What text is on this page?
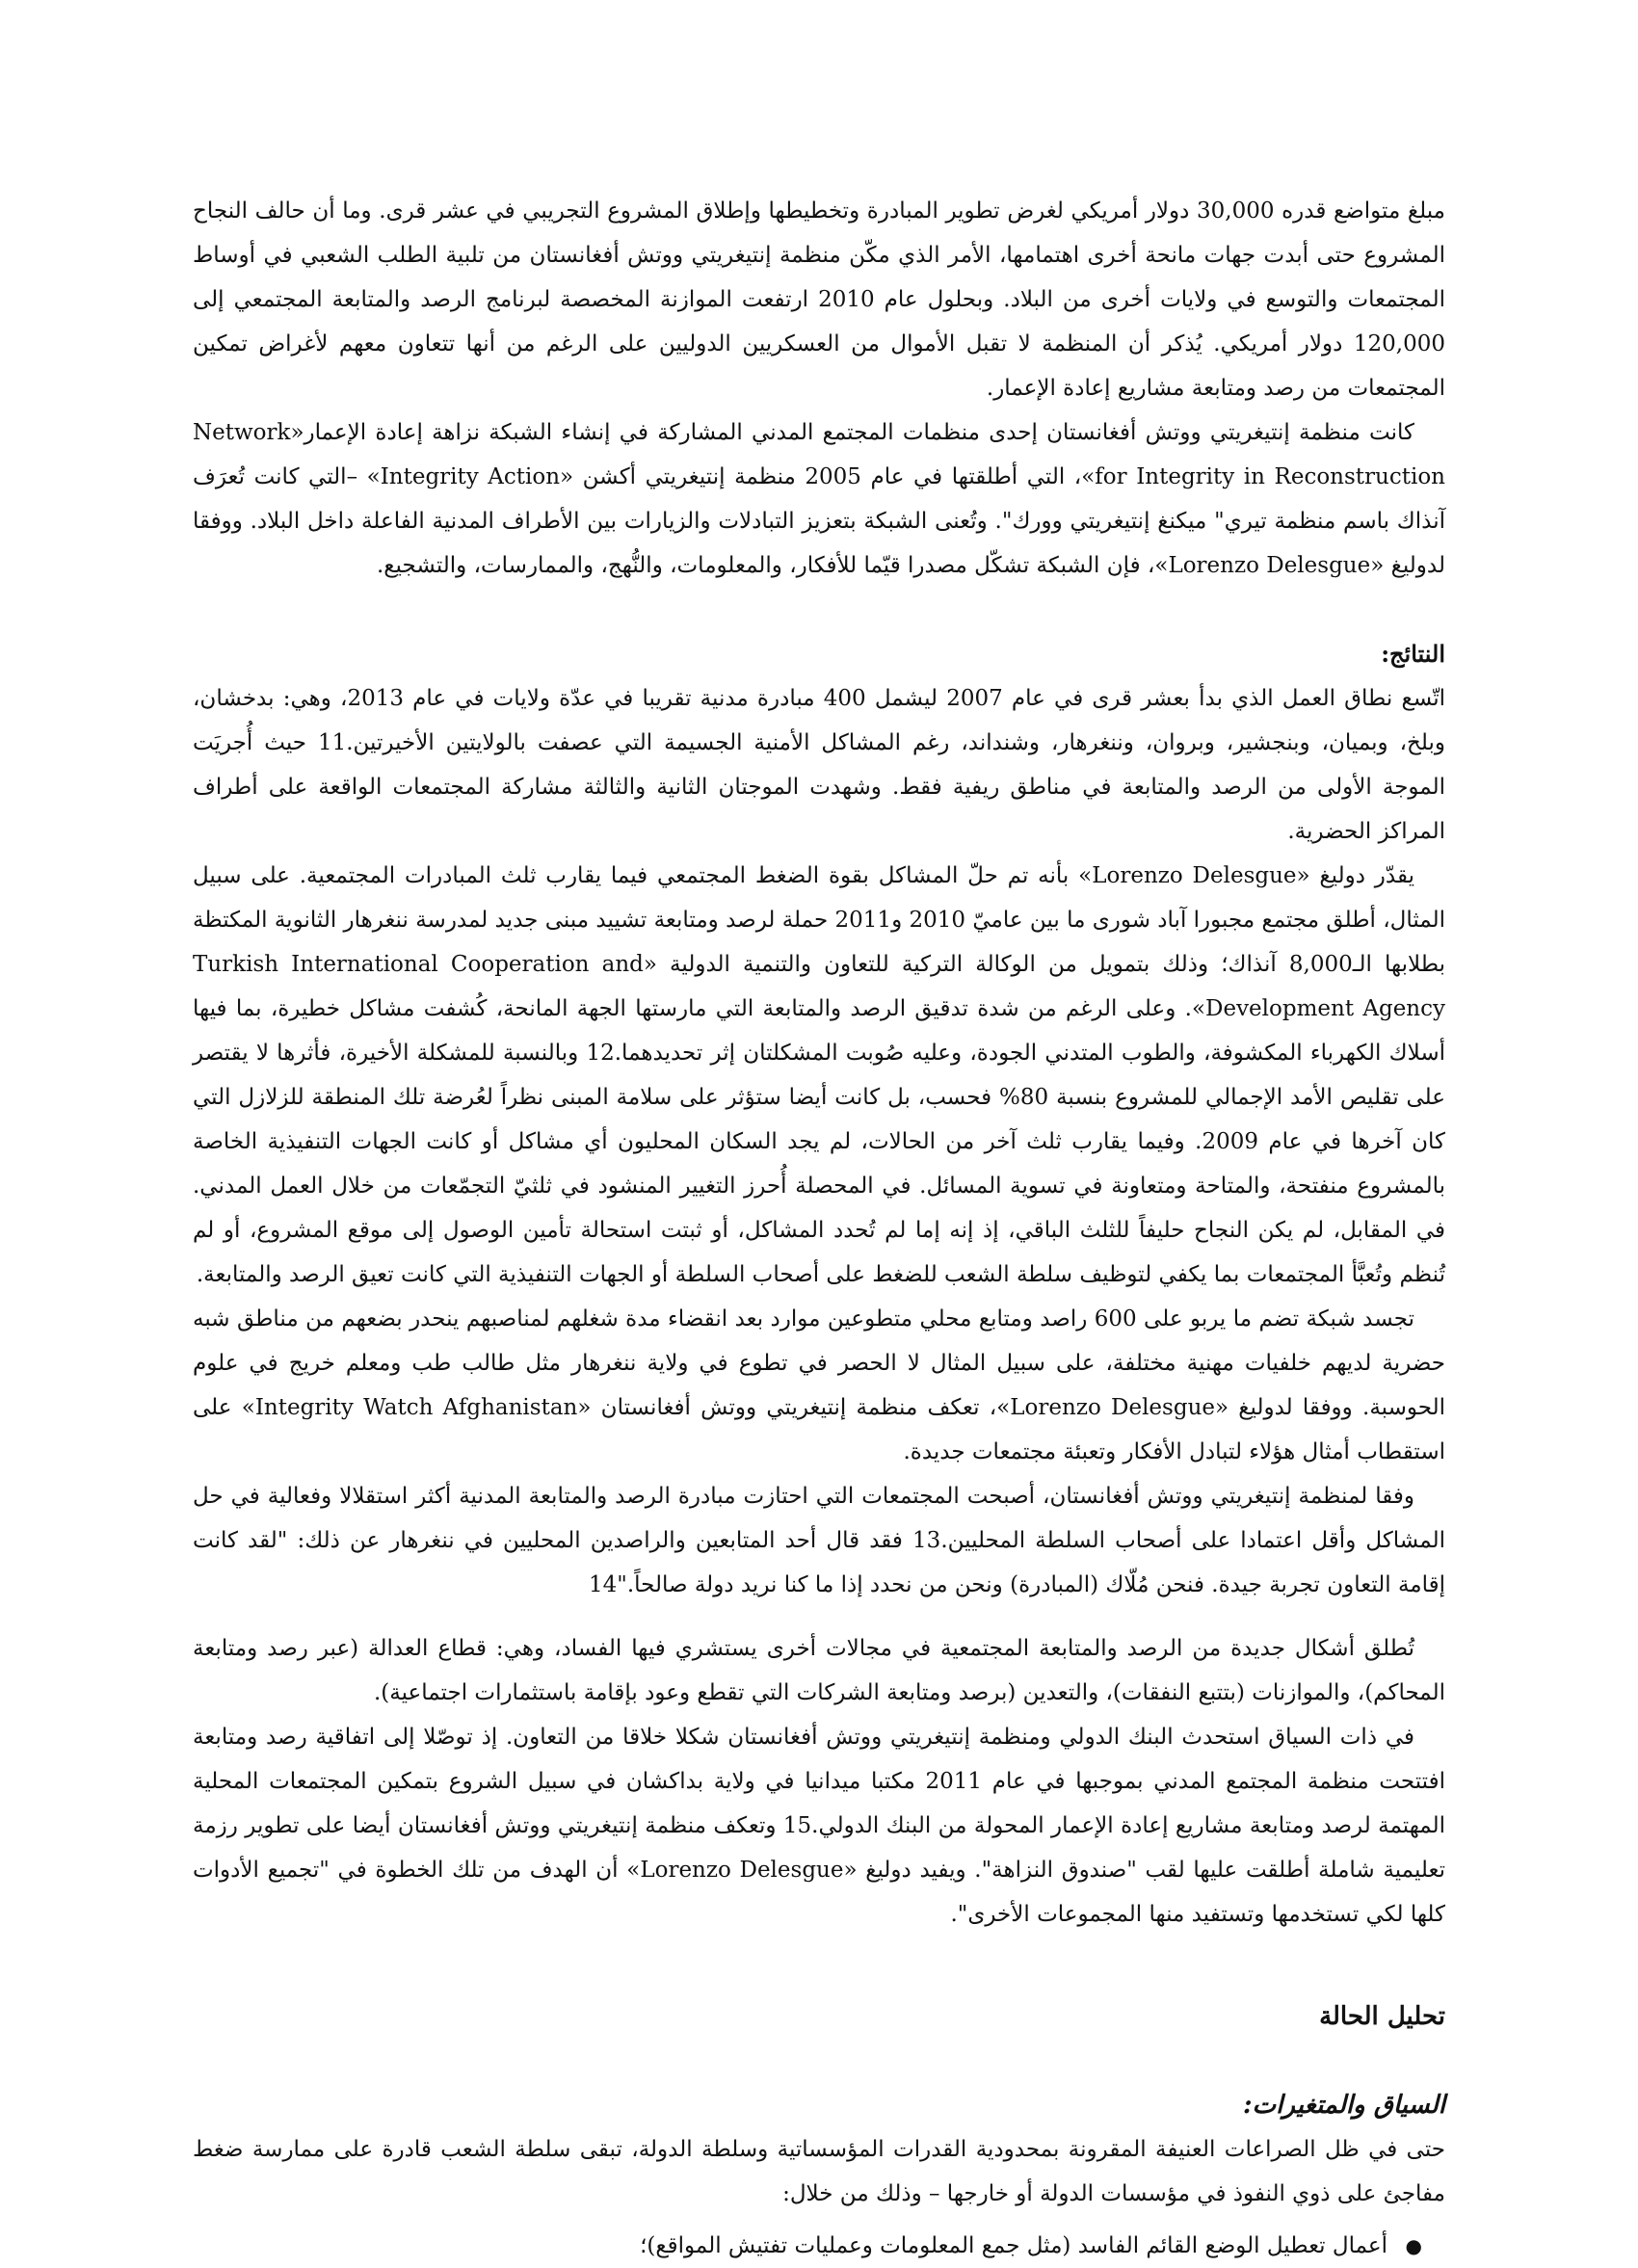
مبلغ متواضع قدره 30,000 دولار أمريكي لغرض تطوير المبادرة وتخطيطها وإطلاق المشروع التجريبي في عشر قرى. وما أن حالف النجاح المشروع حتى أبدت جهات مانحة أخرى اهتمامها، الأمر الذي مكّن منظمة إنتيغريتي ووتش أفغانستان من تلبية الطلب الشعبي في أوساط المجتمعات والتوسع في ولايات أخرى من البلاد. وبحلول عام 2010 ارتفعت الموازنة المخصصة لبرنامج الرصد والمتابعة المجتمعي إلى 120,000 دولار أمريكي. يُذكر أن المنظمة لا تقبل الأموال من العسكريين الدوليين على الرغم من أنها تتعاون معهم لأغراض تمكين المجتمعات من رصد ومتابعة مشاريع إعادة الإعمار.

كانت منظمة إنتيغريتي ووتش أفغانستان إحدى منظمات المجتمع المدني المشاركة في إنشاء الشبكة نزاهة إعادة الإعمار«Network for Integrity in Reconstruction»، التي أطلقتها في عام 2005 منظمة إنتيغريتي أكشن «Integrity Action» –التي كانت تُعرَف آنذاك باسم منظمة تيري" ميكنغ إنتيغريتي وورك". وتُعنى الشبكة بتعزيز التبادلات والزيارات بين الأطراف المدنية الفاعلة داخل البلاد. ووفقا لدوليغ «Lorenzo Delesgue»، فإن الشبكة تشكّل مصدرا قيّما للأفكار، والمعلومات، والنُّهج، والممارسات، والتشجيع.

النتائج:

اتّسع نطاق العمل الذي بدأ بعشر قرى في عام 2007 ليشمل 400 مبادرة مدنية تقريبا في عدّة ولايات في عام 2013، وهي: بدخشان، وبلخ، وبميان، وبنجشير، وبروان، وننغرهار، وشنداند، رغم المشاكل الأمنية الجسيمة التي عصفت بالولايتين الأخيرتين.11 حيث أُجريَت الموجة الأولى من الرصد والمتابعة في مناطق ريفية فقط. وشهدت الموجتان الثانية والثالثة مشاركة المجتمعات الواقعة على أطراف المراكز الحضرية.

يقدّر دوليغ «Lorenzo Delesgue» بأنه تم حلّ المشاكل بقوة الضغط المجتمعي فيما يقارب ثلث المبادرات المجتمعية. على سبيل المثال، أطلق مجتمع مجبورا آباد شورى ما بين عاميّ 2010 و2011 حملة لرصد ومتابعة تشييد مبنى جديد لمدرسة ننغرهار الثانوية المكتظة بطلابها الـ8,000 آنذاك؛ وذلك بتمويل من الوكالة التركية للتعاون والتنمية الدولية «Turkish International Cooperation and Development Agency». وعلى الرغم من شدة تدقيق الرصد والمتابعة التي مارستها الجهة المانحة، كُشفت مشاكل خطيرة، بما فيها أسلاك الكهرباء المكشوفة، والطوب المتدني الجودة، وعليه صُوبت المشكلتان إثر تحديدهما.12 وبالنسبة للمشكلة الأخيرة، فأثرها لا يقتصر على تقليص الأمد الإجمالي للمشروع بنسبة 80% فحسب، بل كانت أيضا ستؤثر على سلامة المبنى نظراً لعُرضة تلك المنطقة للزلازل التي كان آخرها في عام 2009. وفيما يقارب ثلث آخر من الحالات، لم يجد السكان المحليون أي مشاكل أو كانت الجهات التنفيذية الخاصة بالمشروع منفتحة، والمتاحة ومتعاونة في تسوية المسائل. في المحصلة أُحرز التغيير المنشود في ثلثيّ التجمّعات من خلال العمل المدني. في المقابل، لم يكن النجاح حليفاً للثلث الباقي، إذ إنه إما لم تُحدد المشاكل، أو ثبتت استحالة تأمين الوصول إلى موقع المشروع، أو لم تُنظم وتُعبَّأ المجتمعات بما يكفي لتوظيف سلطة الشعب للضغط على أصحاب السلطة أو الجهات التنفيذية التي كانت تعيق الرصد والمتابعة.

تجسد شبكة تضم ما يربو على 600 راصد ومتابع محلي متطوعين موارد بعد انقضاء مدة شغلهم لمناصبهم ينحدر بضعهم من مناطق شبه حضرية لديهم خلفيات مهنية مختلفة، على سبيل المثال لا الحصر في تطوع في ولاية ننغرهار مثل طالب طب ومعلم خريج في علوم الحوسبة. ووفقا لدوليغ «Lorenzo Delesgue»، تعكف منظمة إنتيغريتي ووتش أفغانستان «Integrity Watch Afghanistan» على استقطاب أمثال هؤلاء لتبادل الأفكار وتعبئة مجتمعات جديدة.

وفقا لمنظمة إنتيغريتي ووتش أفغانستان، أصبحت المجتمعات التي احتازت مبادرة الرصد والمتابعة المدنية أكثر استقلالا وفعالية في حل المشاكل وأقل اعتمادا على أصحاب السلطة المحليين.13 فقد قال أحد المتابعين والراصدين المحليين في ننغرهار عن ذلك: "لقد كانت إقامة التعاون تجربة جيدة. فنحن مُلّاك (المبادرة) ونحن من نحدد إذا ما كنا نريد دولة صالحاً."14

تُطلق أشكال جديدة من الرصد والمتابعة المجتمعية في مجالات أخرى يستشري فيها الفساد، وهي: قطاع العدالة (عبر رصد ومتابعة المحاكم)، والموازنات (بتتبع النفقات)، والتعدين (برصد ومتابعة الشركات التي تقطع وعود بإقامة باستثمارات اجتماعية).

في ذات السياق استحدث البنك الدولي ومنظمة إنتيغريتي ووتش أفغانستان شكلا خلاقا من التعاون. إذ توصّلا إلى اتفاقية رصد ومتابعة افتتحت منظمة المجتمع المدني بموجبها في عام 2011 مكتبا ميدانيا في ولاية بداكشان في سبيل الشروع بتمكين المجتمعات المحلية المهتمة لرصد ومتابعة مشاريع إعادة الإعمار المحولة من البنك الدولي.15 وتعكف منظمة إنتيغريتي ووتش أفغانستان أيضا على تطوير رزمة تعليمية شاملة أطلقت عليها لقب "صندوق النزاهة". ويفيد دوليغ «Lorenzo Delesgue» أن الهدف من تلك الخطوة في "تجميع الأدوات كلها لكي تستخدمها وتستفيد منها المجموعات الأخرى".

تحليل الحالة

ﺍﻟﺴﻴﺎﻕ ﻭﺍﻟﻤﺘﻐﻴﺮﺍﺕ:

حتى في ظل الصراعات العنيفة المقرونة بمحدودية القدرات المؤسساتية وسلطة الدولة، تبقى سلطة الشعب قادرة على ممارسة ضغط مفاجئ على ذوي النفوذ في مؤسسات الدولة أو خارجها – وذلك من خلال:

●
أعمال تعطيل الوضع القائم الفاسد (مثل جمع المعلومات وعمليات تفتيش المواقع)؛
